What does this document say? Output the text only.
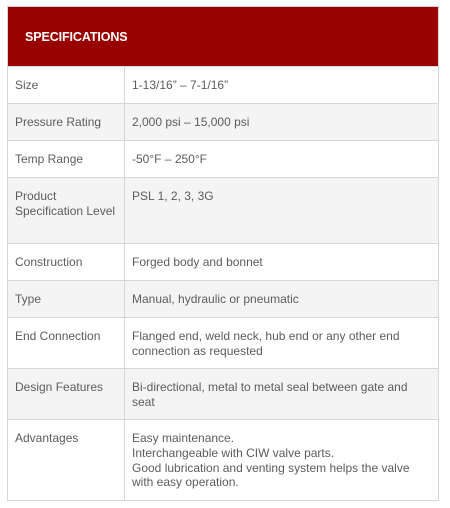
SPECIFICATIONS
Size	1-13/16” – 7-1/16”
Pressure Rating	2,000 psi – 15,000 psi
Temp Range	-50°F – 250°F
Product Specification Level	PSL 1, 2, 3, 3G
Construction	Forged body and bonnet
Type	Manual, hydraulic or pneumatic
End Connection	Flanged end, weld neck, hub end or any other end connection as requested
Design Features	Bi-directional, metal to metal seal between gate and seat
Advantages	Easy maintenance.
Interchangeable with CIW valve parts.
Good lubrication and venting system helps the valve with easy operation.
